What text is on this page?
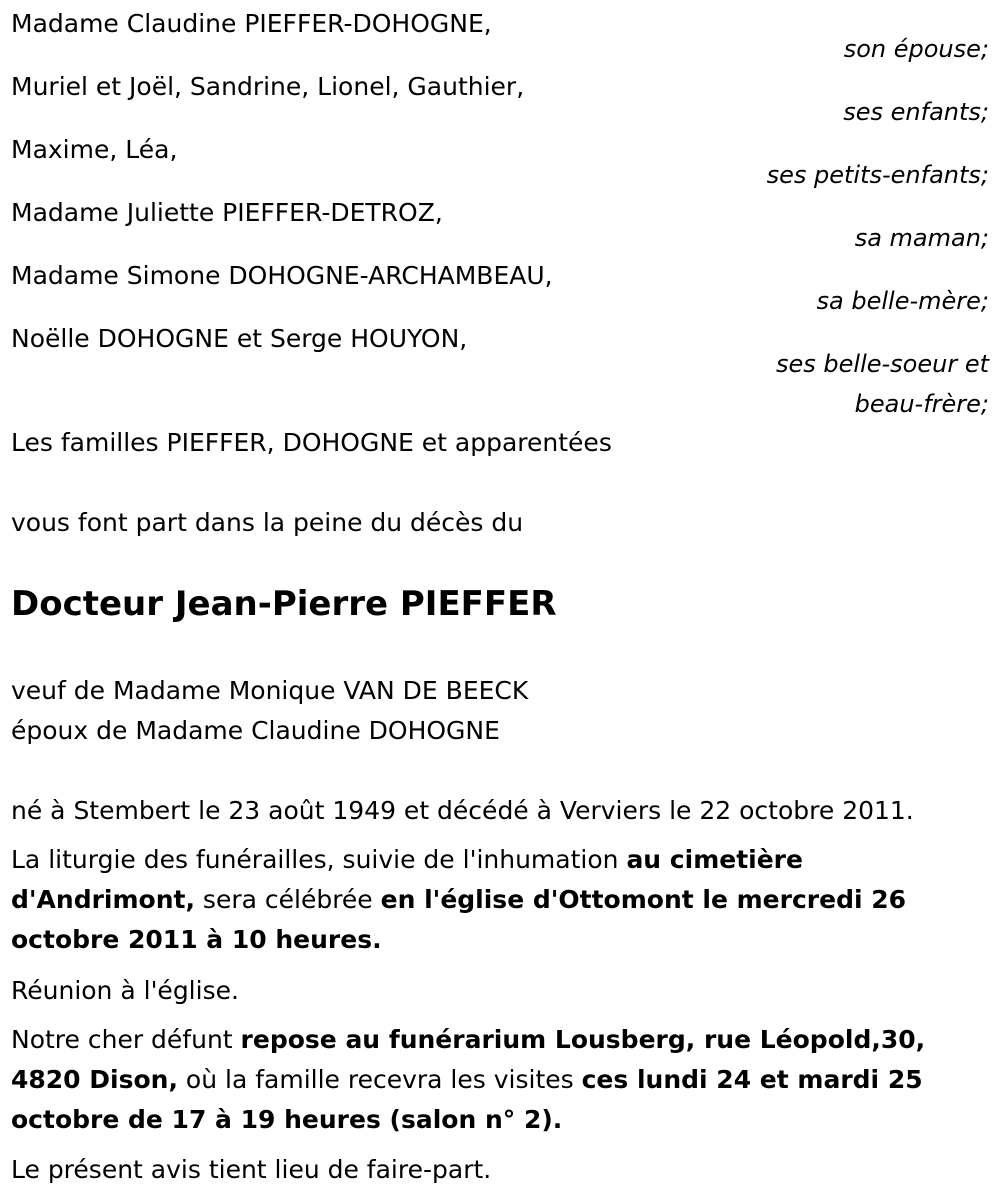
Madame Claudine PIEFFER-DOHOGNE,

son épouse;

Muriel et Joël, Sandrine, Lionel, Gauthier,

ses enfants;

Maxime, Léa,

ses petits-enfants;

Madame Juliette PIEFFER-DETROZ,

sa maman;

Madame Simone DOHOGNE-ARCHAMBEAU,

sa belle-mère;

Noëlle DOHOGNE et Serge HOUYON,

ses belle-soeur et

beau-frère;

Les familles PIEFFER, DOHOGNE et apparentées

vous font part dans la peine du décès du

Docteur Jean-Pierre PIEFFER

veuf de Madame Monique VAN DE BEECK

époux de Madame Claudine DOHOGNE

né à Stembert le 23 août 1949 et décédé à Verviers le 22 octobre 2011.

La liturgie des funérailles, suivie de l'inhumation au cimetière d'Andrimont, sera célébrée en l'église d'Ottomont le mercredi 26 octobre 2011 à 10 heures.

Réunion à l'église.

Notre cher défunt repose au funérarium Lousberg, rue Léopold,30, 4820 Dison, où la famille recevra les visites ces lundi 24 et mardi 25 octobre de 17 à 19 heures (salon n° 2).

Le présent avis tient lieu de faire-part.
